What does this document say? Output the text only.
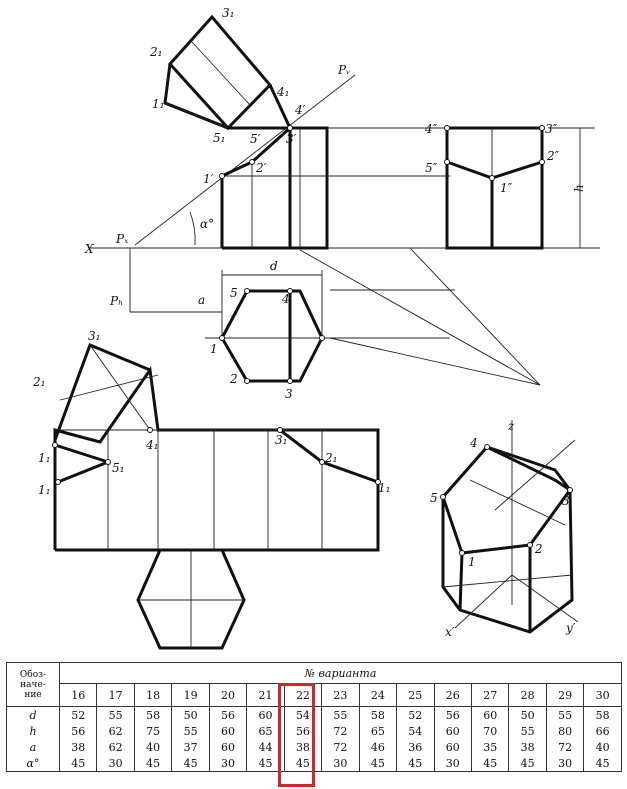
3₁
2₁
1₁
4₁
5₁
Pᵥ
α°
X
Pₓ
Pₕ
4′
3′
5′
2′
1′
4″	3″
5″
2″
1″	h
d
a 5	4
1
2
3
3₁
2₁
1₁
4₁
5₁
1₁
3₁
2₁
1₁
z
4
5	3
1
2
x′	y′
Обоз-
наче-
ние	№ варианта														
	16	17	18	19	20	21	22	23	24	25	26	27	28	29	30
d	52	55	58	50	56	60	54	55	58	52	56	60	50	55	58
h	56	62	75	55	60	65	56	72	65	54	60	70	55	80	66
a	38	62	40	37	60	44	38	72	46	36	60	35	38	72	40
α°	45	30	45	45	30	45	45	30	45	45	30	45	45	30	45
